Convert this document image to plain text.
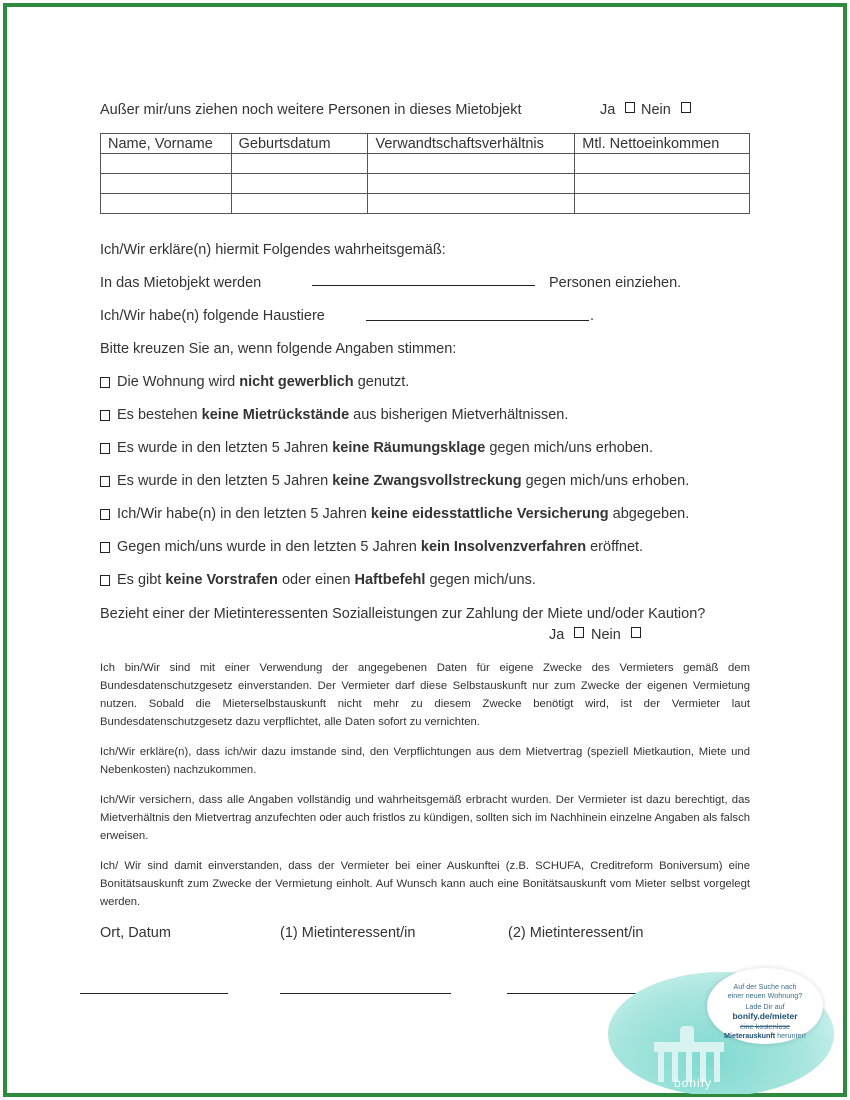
Außer mir/uns ziehen noch weitere Personen in dieses Mietobjekt	Ja	Nein
Name, Vorname	Geburtsdatum	Verwandtschaftsverhältnis	Mtl. Nettoeinkommen

Ich/Wir erkläre(n) hiermit Folgendes wahrheitsgemäß:
In das Mietobjekt werden	Personen einziehen.
Ich/Wir habe(n) folgende Haustiere	.
Bitte kreuzen Sie an, wenn folgende Angaben stimmen:
Die Wohnung wird nicht gewerblich genutzt.
Es bestehen keine Mietrückstände aus bisherigen Mietverhältnissen.
Es wurde in den letzten 5 Jahren keine Räumungsklage gegen mich/uns erhoben.
Es wurde in den letzten 5 Jahren keine Zwangsvollstreckung gegen mich/uns erhoben.
Ich/Wir habe(n) in den letzten 5 Jahren keine eidesstattliche Versicherung abgegeben.
Gegen mich/uns wurde in den letzten 5 Jahren kein Insolvenzverfahren eröffnet.
Es gibt keine Vorstrafen oder einen Haftbefehl gegen mich/uns.
Bezieht einer der Mietinteressenten Sozialleistungen zur Zahlung der Miete und/oder Kaution?
Ja	Nein
Ich bin/Wir sind mit einer Verwendung der angegebenen Daten für eigene Zwecke des Vermieters gemäß dem Bundesdatenschutzgesetz einverstanden. Der Vermieter darf diese Selbstauskunft nur zum Zwecke der eigenen Vermietung nutzen. Sobald die Mieterselbstauskunft nicht mehr zu diesem Zwecke benötigt wird, ist der Vermieter laut Bundesdatenschutzgesetz dazu verpflichtet, alle Daten sofort zu vernichten.
Ich/Wir erkläre(n), dass ich/wir dazu imstande sind, den Verpflichtungen aus dem Mietvertrag (speziell Mietkaution, Miete und Nebenkosten) nachzukommen.
Ich/Wir versichern, dass alle Angaben vollständig und wahrheitsgemäß erbracht wurden. Der Vermieter ist dazu berechtigt, das Mietverhältnis den Mietvertrag anzufechten oder auch fristlos zu kündigen, sollten sich im Nachhinein einzelne Angaben als falsch erweisen.
Ich/ Wir sind damit einverstanden, dass der Vermieter bei einer Auskunftei (z.B. SCHUFA, Creditreform Boniversum) eine Bonitätsauskunft zum Zwecke der Vermietung einholt. Auf Wunsch kann auch eine Bonitätsauskunft vom Mieter selbst vorgelegt werden.
Ort, Datum	(1) Mietinteressent/in	(2) Mietinteressent/in
Auf der Suche nach
einer neuen Wohnung?
Lade Dir auf
bonify.de/mieter
eine kostenlose
Mieterauskunft herunter!
bonify
